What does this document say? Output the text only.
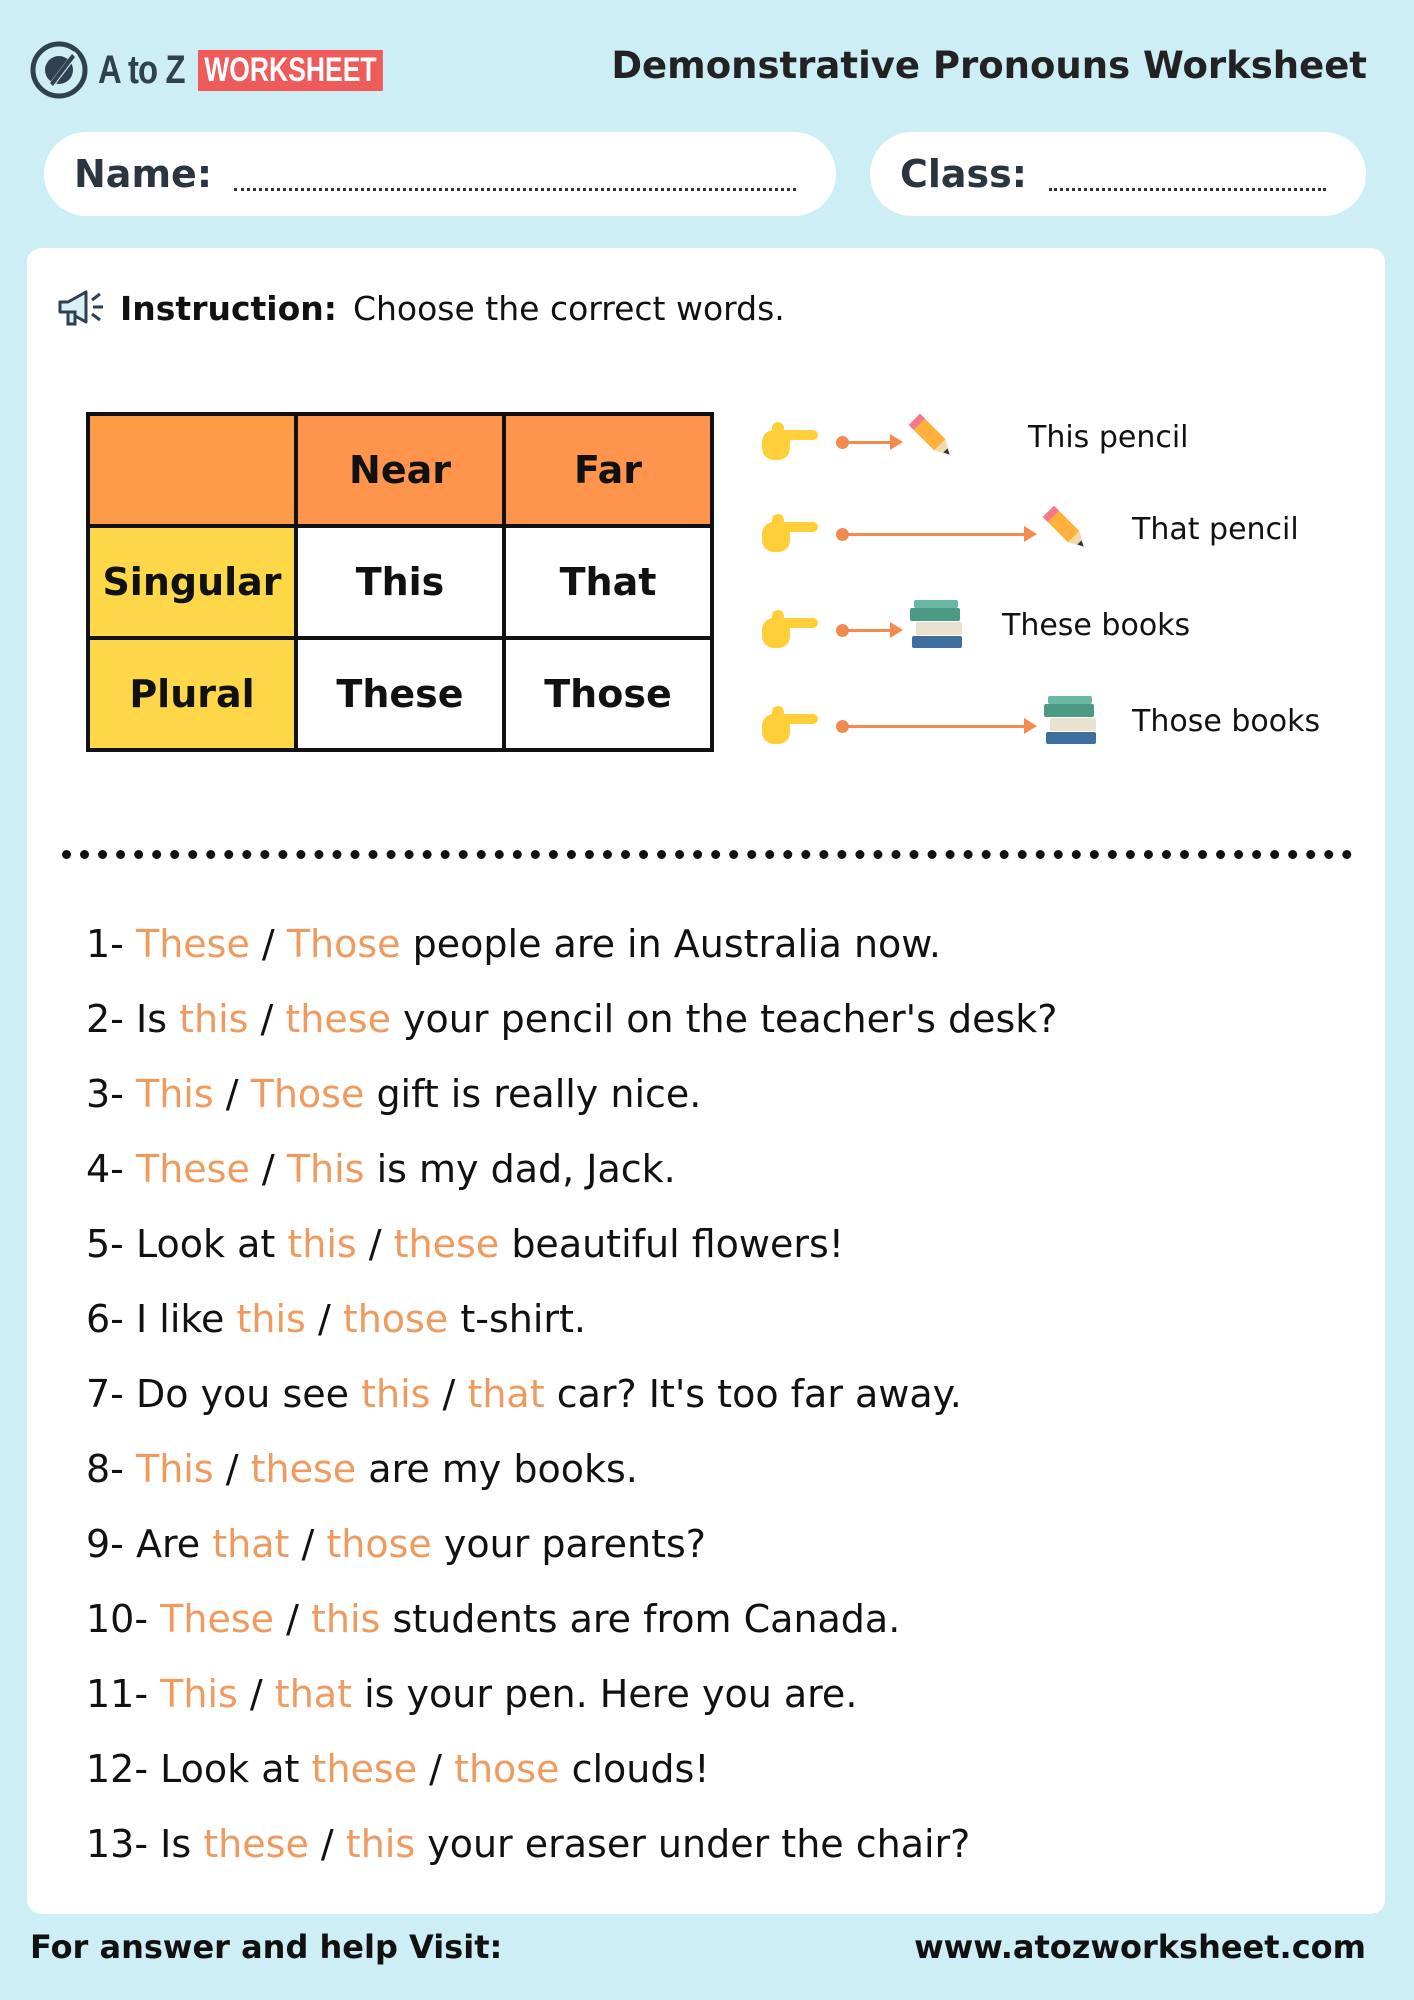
A to Z WORKSHEET	Demonstrative Pronouns Worksheet
Name:	Class:
Instruction: Choose the correct words.
	Near	Far
Singular	This	That
Plural	These	Those
This pencil
That pencil
These books
Those books
1- These / Those people are in Australia now.
2- Is this / these your pencil on the teacher's desk?
3- This / Those gift is really nice.
4- These / This is my dad, Jack.
5- Look at this / these beautiful flowers!
6- I like this / those t-shirt.
7- Do you see this / that car? It's too far away.
8- This / these are my books.
9- Are that / those your parents?
10- These / this students are from Canada.
11- This / that is your pen. Here you are.
12- Look at these / those clouds!
13- Is these / this your eraser under the chair?
For answer and help Visit:	www.atozworksheet.com
